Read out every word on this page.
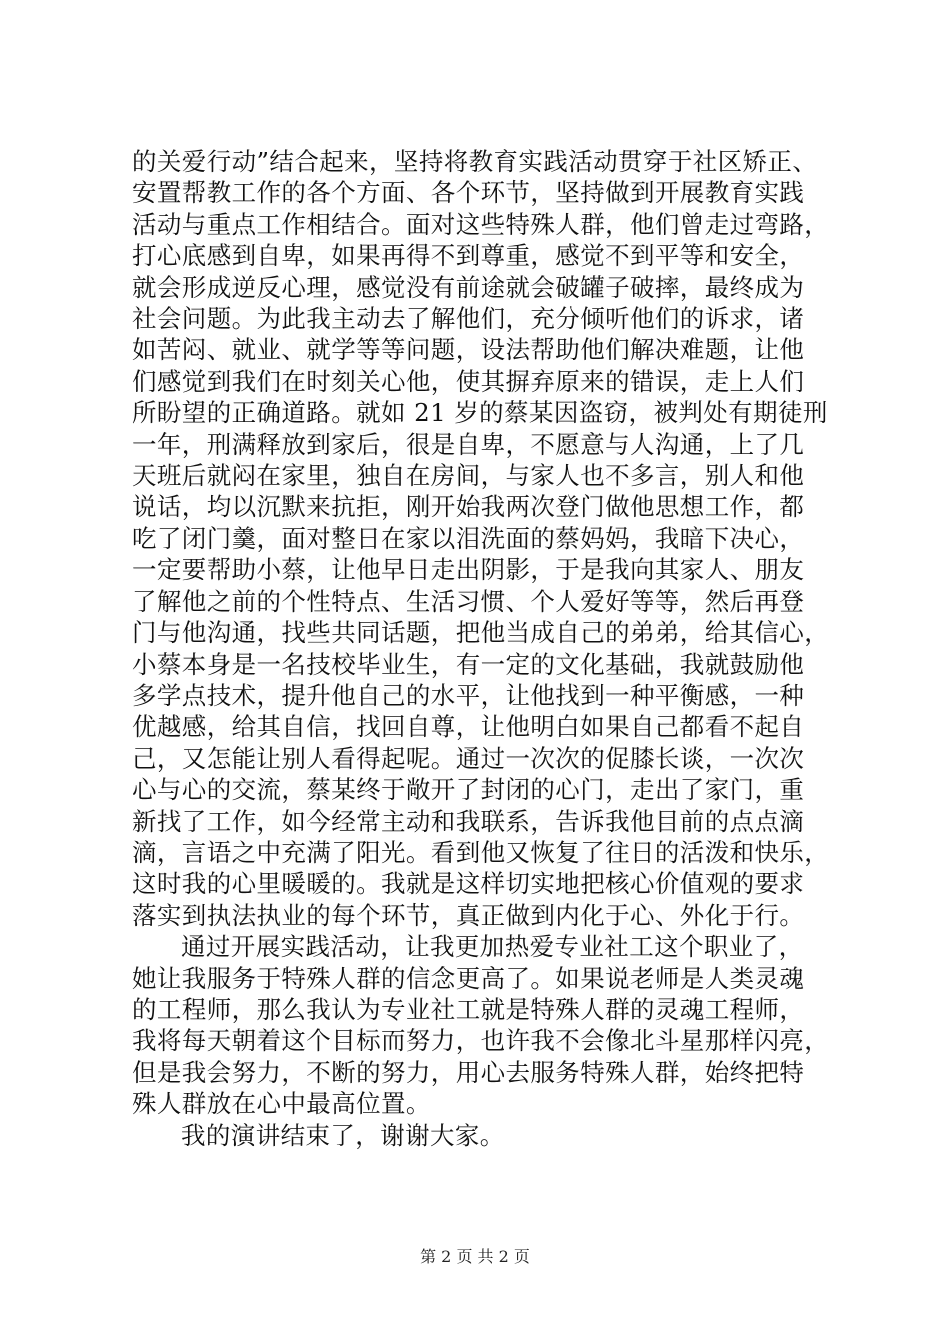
的关爱行动”结合起来，坚持将教育实践活动贯穿于社区矫正、
安置帮教工作的各个方面、各个环节，坚持做到开展教育实践
活动与重点工作相结合。面对这些特殊人群，他们曾走过弯路，
打心底感到自卑，如果再得不到尊重，感觉不到平等和安全，
就会形成逆反心理，感觉没有前途就会破罐子破摔，最终成为
社会问题。为此我主动去了解他们，充分倾听他们的诉求，诸
如苦闷、就业、就学等等问题，设法帮助他们解决难题，让他
们感觉到我们在时刻关心他，使其摒弃原来的错误，走上人们
所盼望的正确道路。就如 21 岁的蔡某因盗窃，被判处有期徒刑
一年，刑满释放到家后，很是自卑，不愿意与人沟通，上了几
天班后就闷在家里，独自在房间，与家人也不多言，别人和他
说话，均以沉默来抗拒，刚开始我两次登门做他思想工作，都
吃了闭门羹，面对整日在家以泪洗面的蔡妈妈，我暗下决心，
一定要帮助小蔡，让他早日走出阴影，于是我向其家人、朋友
了解他之前的个性特点、生活习惯、个人爱好等等，然后再登
门与他沟通，找些共同话题，把他当成自己的弟弟，给其信心，
小蔡本身是一名技校毕业生，有一定的文化基础，我就鼓励他
多学点技术，提升他自己的水平，让他找到一种平衡感，一种
优越感，给其自信，找回自尊，让他明白如果自己都看不起自
己，又怎能让别人看得起呢。通过一次次的促膝长谈，一次次
心与心的交流，蔡某终于敞开了封闭的心门，走出了家门，重
新找了工作，如今经常主动和我联系，告诉我他目前的点点滴
滴，言语之中充满了阳光。看到他又恢复了往日的活泼和快乐，
这时我的心里暖暖的。我就是这样切实地把核心价值观的要求
落实到执法执业的每个环节，真正做到内化于心、外化于行。
通过开展实践活动，让我更加热爱专业社工这个职业了，
她让我服务于特殊人群的信念更高了。如果说老师是人类灵魂
的工程师，那么我认为专业社工就是特殊人群的灵魂工程师，
我将每天朝着这个目标而努力，也许我不会像北斗星那样闪亮，
但是我会努力，不断的努力，用心去服务特殊人群，始终把特
殊人群放在心中最高位置。
我的演讲结束了，谢谢大家。
第 2 页 共 2 页
